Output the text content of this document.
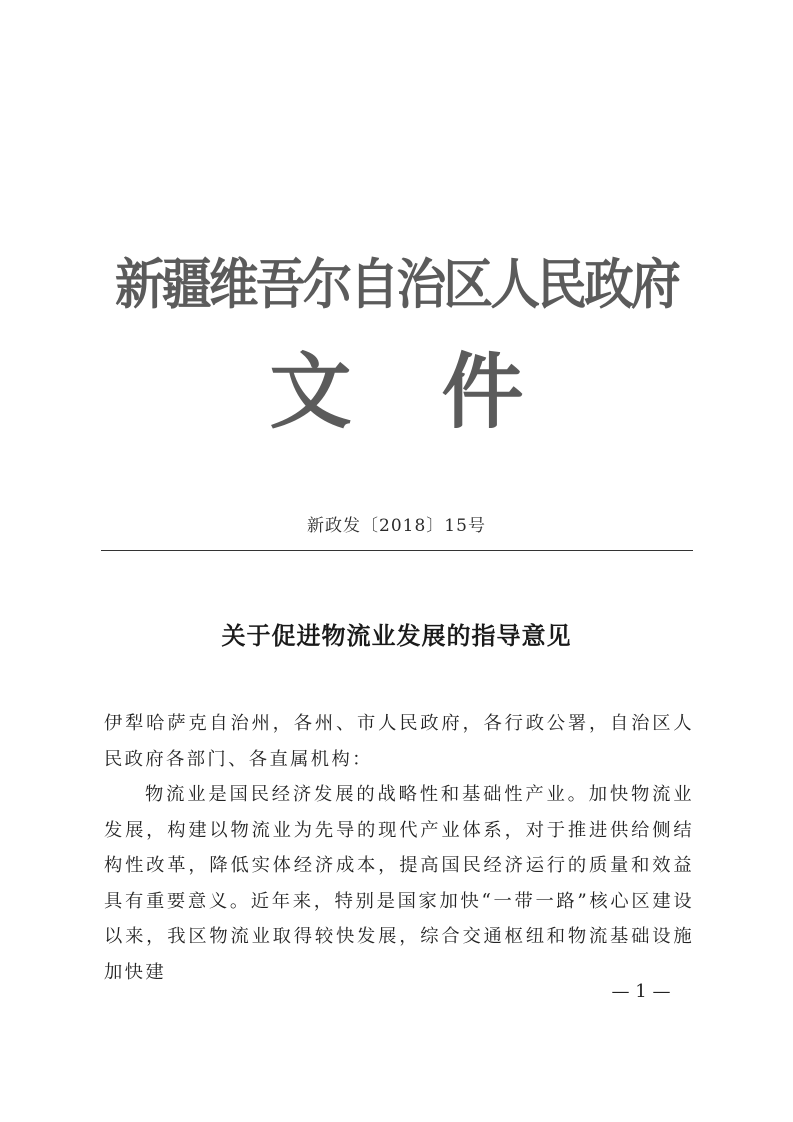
新疆维吾尔自治区人民政府
文件
新政发〔2018〕15号
关于促进物流业发展的指导意见

伊犁哈萨克自治州，各州、市人民政府，各行政公署，自治区人民政府各部门、各直属机构：

物流业是国民经济发展的战略性和基础性产业。加快物流业发展，构建以物流业为先导的现代产业体系，对于推进供给侧结构性改革，降低实体经济成本，提高国民经济运行的质量和效益具有重要意义。近年来，特别是国家加快“一带一路”核心区建设以来，我区物流业取得较快发展，综合交通枢纽和物流基础设施加快建

— 1 —
